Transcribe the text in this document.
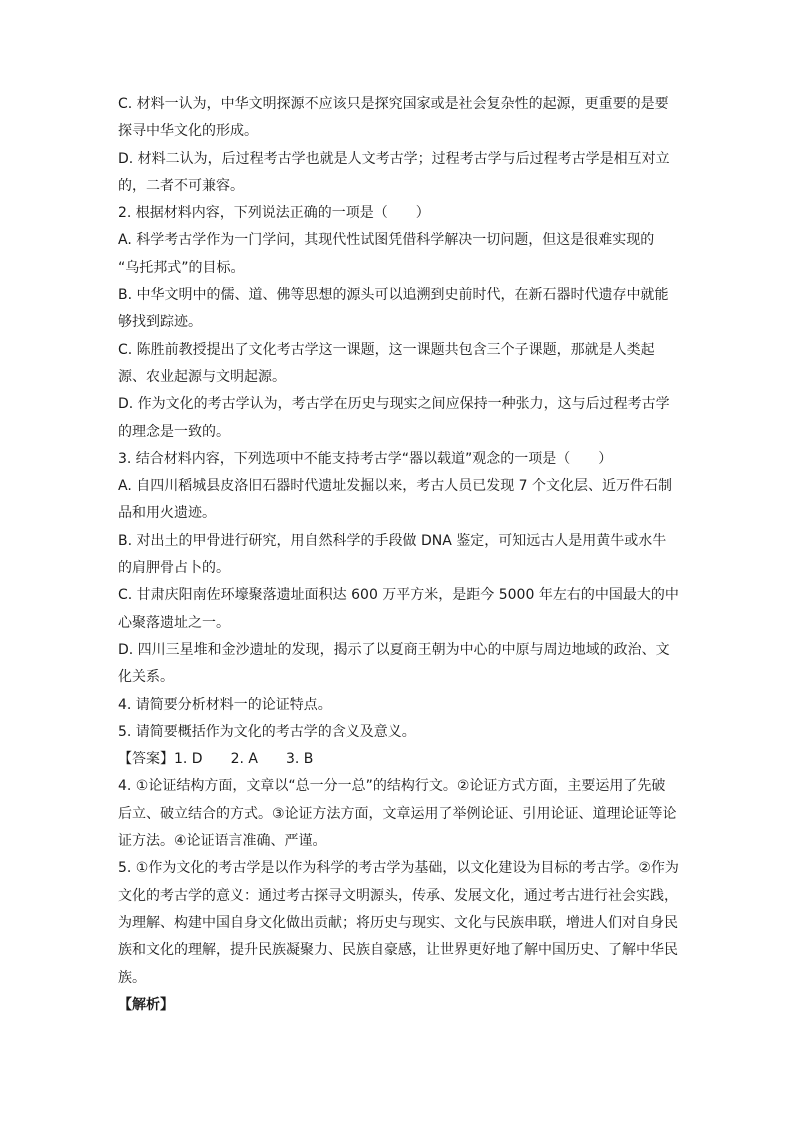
C. 材料一认为，中华文明探源不应该只是探究国家或是社会复杂性的起源，更重要的是要
探寻中华文化的形成。
D. 材料二认为，后过程考古学也就是人文考古学；过程考古学与后过程考古学是相互对立
的，二者不可兼容。
2. 根据材料内容，下列说法正确的一项是（　　）
A. 科学考古学作为一门学问，其现代性试图凭借科学解决一切问题，但这是很难实现的
“乌托邦式”的目标。
B. 中华文明中的儒、道、佛等思想的源头可以追溯到史前时代，在新石器时代遗存中就能
够找到踪迹。
C. 陈胜前教授提出了文化考古学这一课题，这一课题共包含三个子课题，那就是人类起
源、农业起源与文明起源。
D. 作为文化的考古学认为，考古学在历史与现实之间应保持一种张力，这与后过程考古学
的理念是一致的。
3. 结合材料内容，下列选项中不能支持考古学“器以载道”观念的一项是（　　）
A. 自四川稻城县皮洛旧石器时代遗址发掘以来，考古人员已发现 7 个文化层、近万件石制
品和用火遗迹。
B. 对出土的甲骨进行研究，用自然科学的手段做 DNA 鉴定，可知远古人是用黄牛或水牛
的肩胛骨占卜的。
C. 甘肃庆阳南佐环壕聚落遗址面积达 600 万平方米，是距今 5000 年左右的中国最大的中
心聚落遗址之一。
D. 四川三星堆和金沙遗址的发现，揭示了以夏商王朝为中心的中原与周边地域的政治、文
化关系。
4. 请简要分析材料一的论证特点。
5. 请简要概括作为文化的考古学的含义及意义。
【答案】1. D　　2. A　　3. B
4. ①论证结构方面，文章以“总一分一总”的结构行文。②论证方式方面，主要运用了先破
后立、破立结合的方式。③论证方法方面，文章运用了举例论证、引用论证、道理论证等论
证方法。④论证语言准确、严谨。
5. ①作为文化的考古学是以作为科学的考古学为基础，以文化建设为目标的考古学。②作为
文化的考古学的意义：通过考古探寻文明源头，传承、发展文化，通过考古进行社会实践，
为理解、构建中国自身文化做出贡献；将历史与现实、文化与民族串联，增进人们对自身民
族和文化的理解，提升民族凝聚力、民族自豪感，让世界更好地了解中国历史、了解中华民
族。
【解析】
